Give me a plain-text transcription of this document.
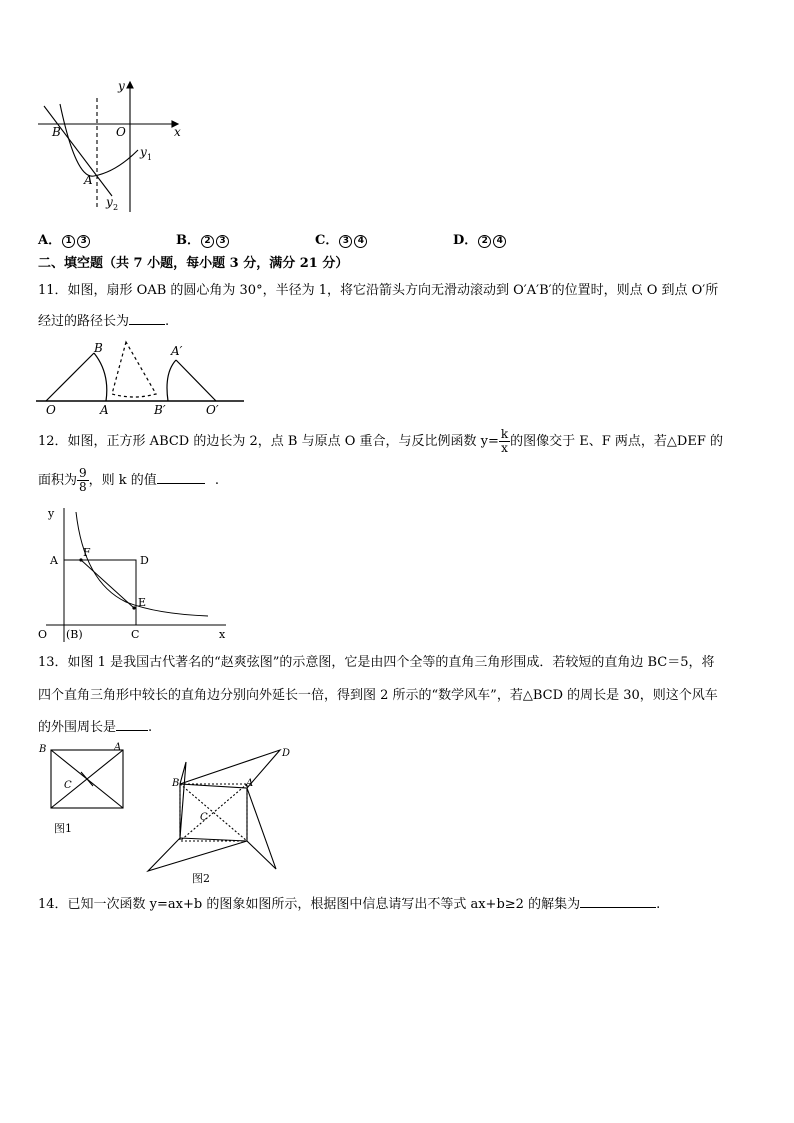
y
x
O
B
A
y 1
y 2
A． 1 3	B． 2 3	C． 3 4	D． 2 4
二、填空题（共 7 小题，每小题 3 分，满分 21 分）
11．如图，扇形 OAB 的圆心角为 30°，半径为 1，将它沿箭头方向无滑动滚动到 O′A′B′的位置时，则点 O 到点 O′所
经过的路径长为	.
O	A
B
B′
A′
O′
12．如图，正方形 ABCD 的边长为 2，点 B 与原点 O 重合，与反比例函数 $y= \frac{k}{x}$ 的图像交于 E、F 两点，若△DEF 的
面积为 $\frac{9}{8}$ ，则 k 的值	.
y
x
A
F
D
E
O (B)	C
13．如图 1 是我国古代著名的“赵爽弦图”的示意图，它是由四个全等的直角三角形围成．若较短的直角边 BC＝5，将
四个直角三角形中较长的直角边分别向外延长一倍，得到图 2 所示的“数学风车”，若△BCD 的周长是 30，则这个风车
的外围周长是 .
B	A
C
图1
B	A
C
D
图2
14．已知一次函数 y=ax+b 的图象如图所示，根据图中信息请写出不等式 ax+b≥2 的解集为	.
